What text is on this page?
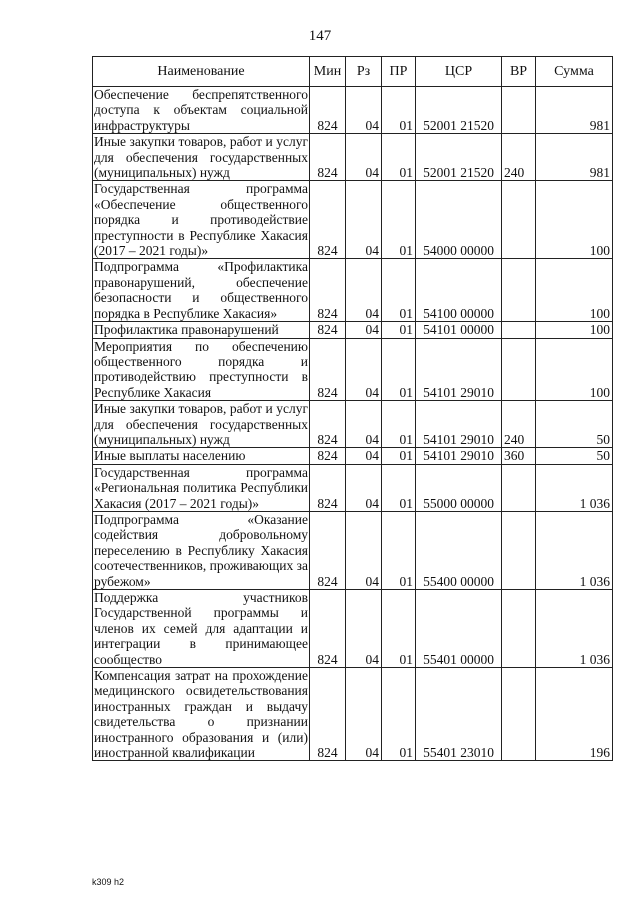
147
Наименование	Мин	Рз	ПР	ЦСР	ВР	Сумма
Обеспечение беспрепятственного доступа к объектам социальной инфраструктуры	824	04	01	52001 21520		981
Иные закупки товаров, работ и услуг для обеспечения государственных (муниципальных) нужд	824	04	01	52001 21520	240	981
Государственная программа «Обеспечение общественного порядка и противодействие преступности в Республике Хакасия (2017 – 2021 годы)»	824	04	01	54000 00000		100
Подпрограмма «Профилактика правонарушений, обеспечение безопасности и общественного порядка в Республике Хакасия»	824	04	01	54100 00000		100
Профилактика правонарушений	824	04	01	54101 00000		100
Мероприятия по обеспечению общественного порядка и противодействию преступности в Республике Хакасия	824	04	01	54101 29010		100
Иные закупки товаров, работ и услуг для обеспечения государственных (муниципальных) нужд	824	04	01	54101 29010	240	50
Иные выплаты населению	824	04	01	54101 29010	360	50
Государственная программа «Региональная политика Республики Хакасия (2017 – 2021 годы)»	824	04	01	55000 00000		1 036
Подпрограмма «Оказание содействия добровольному переселению в Республику Хакасия соотечественников, проживающих за рубежом»	824	04	01	55400 00000		1 036
Поддержка участников Государственной программы и членов их семей для адаптации и интеграции в принимающее сообщество	824	04	01	55401 00000		1 036
Компенсация затрат на прохождение медицинского освидетельствования иностранных граждан и выдачу свидетельства о признании иностранного образования и (или) иностранной квалификации	824	04	01	55401 23010		196
k309 h2
